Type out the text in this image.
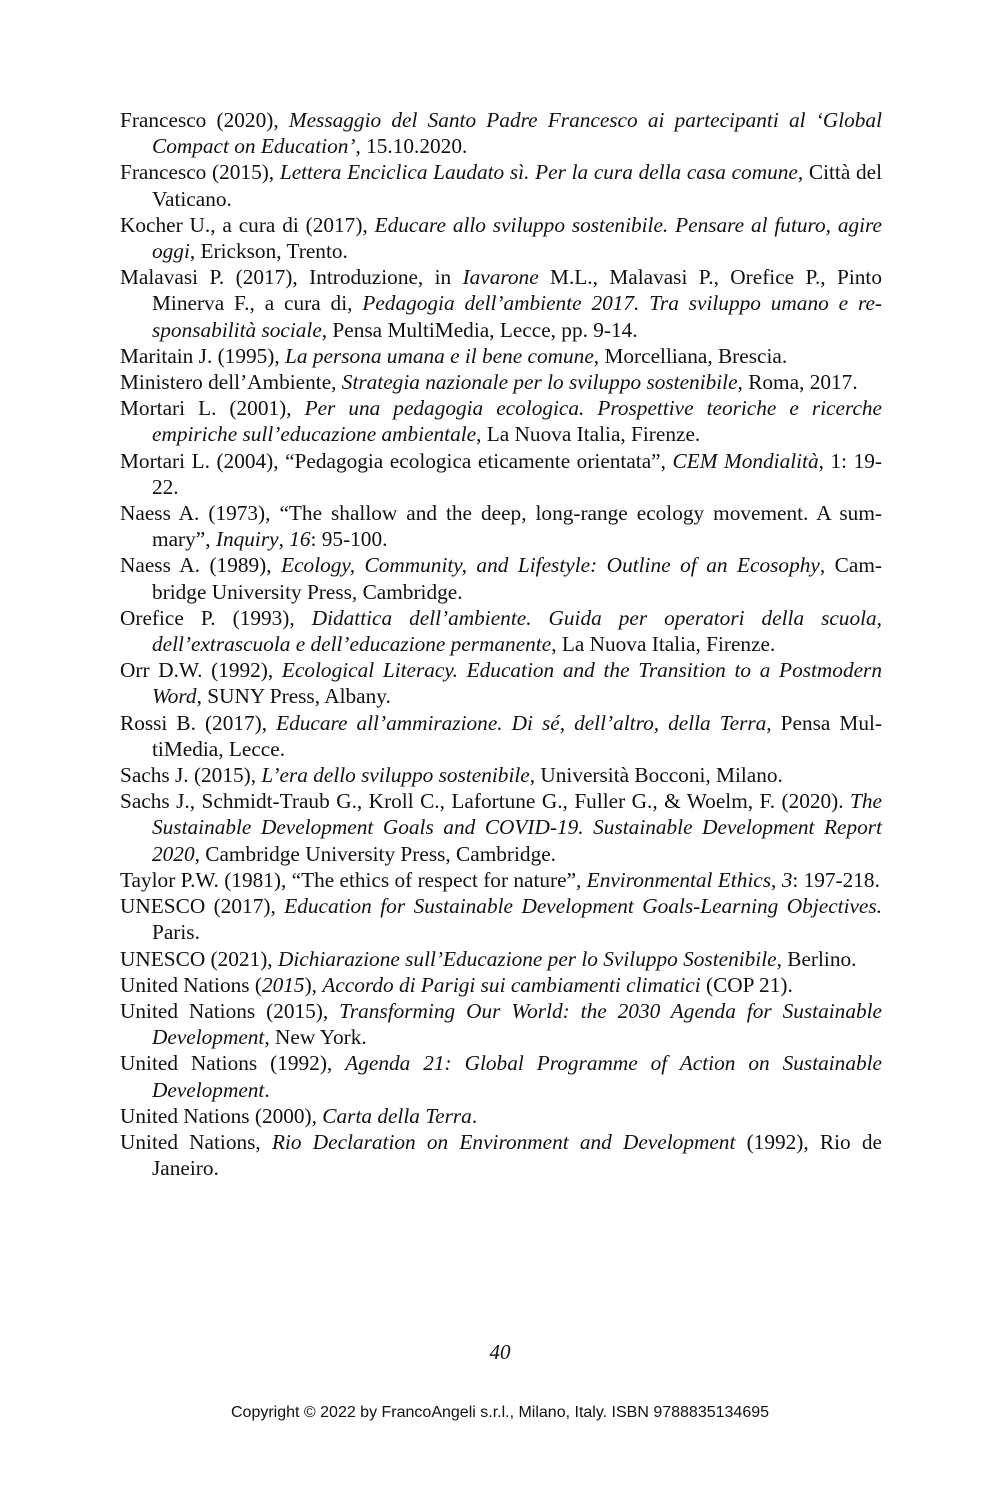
Francesco (2020), Messaggio del Santo Padre Francesco ai partecipanti al ‘Global Compact on Education’, 15.10.2020.

Francesco (2015), Lettera Enciclica Laudato sì. Per la cura della casa comune, Città del Vaticano.

Kocher U., a cura di (2017), Educare allo sviluppo sostenibile. Pensare al futuro, agire oggi, Erickson, Trento.

Malavasi P. (2017), Introduzione, in Iavarone M.L., Malavasi P., Orefice P., Pinto Minerva F., a cura di, Pedagogia dell’ambiente 2017. Tra sviluppo umano e responsabilità sociale, Pensa MultiMedia, Lecce, pp. 9-14.

Maritain J. (1995), La persona umana e il bene comune, Morcelliana, Brescia.

Ministero dell’Ambiente, Strategia nazionale per lo sviluppo sostenibile, Roma, 2017.

Mortari L. (2001), Per una pedagogia ecologica. Prospettive teoriche e ricerche empiriche sull’educazione ambientale, La Nuova Italia, Firenze.

Mortari L. (2004), “Pedagogia ecologica eticamente orientata”, CEM Mondialità, 1: 19-22.

Naess A. (1973), “The shallow and the deep, long-range ecology movement. A summary”, Inquiry, 16: 95-100.

Naess A. (1989), Ecology, Community, and Lifestyle: Outline of an Ecosophy, Cambridge University Press, Cambridge.

Orefice P. (1993), Didattica dell’ambiente. Guida per operatori della scuola, dell’extrascuola e dell’educazione permanente, La Nuova Italia, Firenze.

Orr D.W. (1992), Ecological Literacy. Education and the Transition to a Postmodern Word, SUNY Press, Albany.

Rossi B. (2017), Educare all’ammirazione. Di sé, dell’altro, della Terra, Pensa MultiMedia, Lecce.

Sachs J. (2015), L’era dello sviluppo sostenibile, Università Bocconi, Milano.

Sachs J., Schmidt-Traub G., Kroll C., Lafortune G., Fuller G., & Woelm, F. (2020). The Sustainable Development Goals and COVID-19. Sustainable Development Report 2020, Cambridge University Press, Cambridge.

Taylor P.W. (1981), “The ethics of respect for nature”, Environmental Ethics, 3: 197-218.

UNESCO (2017), Education for Sustainable Development Goals-Learning Objectives. Paris.

UNESCO (2021), Dichiarazione sull’Educazione per lo Sviluppo Sostenibile, Berlino.

United Nations (2015), Accordo di Parigi sui cambiamenti climatici (COP 21).

United Nations (2015), Transforming Our World: the 2030 Agenda for Sustainable Development, New York.

United Nations (1992), Agenda 21: Global Programme of Action on Sustainable Development.

United Nations (2000), Carta della Terra.

United Nations, Rio Declaration on Environment and Development (1992), Rio de Janeiro.

40
Copyright © 2022 by FrancoAngeli s.r.l., Milano, Italy. ISBN 9788835134695
